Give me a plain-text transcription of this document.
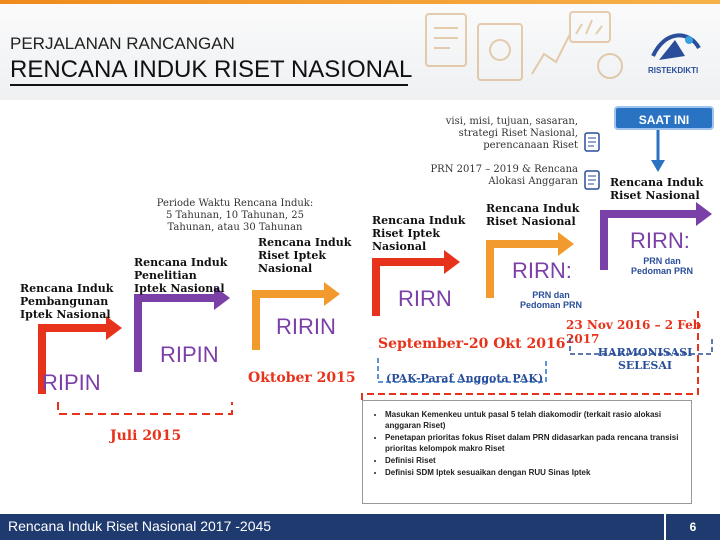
PERJALANAN RANCANGAN
RENCANA INDUK RISET NASIONAL	RISTEKDIKTI
visi, misi, tujuan, sasaran,
strategi Riset Nasional,
perencanaan Riset
PRN 2017 – 2019 & Rencana
Alokasi Anggaran
SAAT INI
Periode Waktu Rencana Induk:
5 Tahunan, 10 Tahunan, 25
Tahunan, atau 30 Tahunan
Rencana Induk
Pembangunan
Iptek Nasional
Rencana Induk
Penelitian
Iptek Nasional
Rencana Induk
Riset Iptek
Nasional
Rencana Induk
Riset Iptek
Nasional
Rencana Induk
Riset Nasional
Rencana Induk
Riset Nasional
RIPIN
RIPIN
RIRIN
RIRN
RIRN:
PRN dan
Pedoman PRN
RIRN:
PRN dan
Pedoman PRN
Oktober 2015
September-20 Okt 2016
(PAK-Paraf Anggota PAK)
23 Nov 2016 – 2 Feb 2017
HARMONISASI
SELESAI
Juli 2015
• Masukan Kemenkeu untuk pasal 5 telah diakomodir (terkait rasio alokasi anggaran Riset)
• Penetapan prioritas fokus Riset dalam PRN didasarkan pada rencana transisi prioritas kelompok makro Riset
• Definisi Riset
• Definisi SDM Iptek sesuaikan dengan RUU Sinas Iptek
Rencana Induk Riset Nasional 2017 -2045	6
